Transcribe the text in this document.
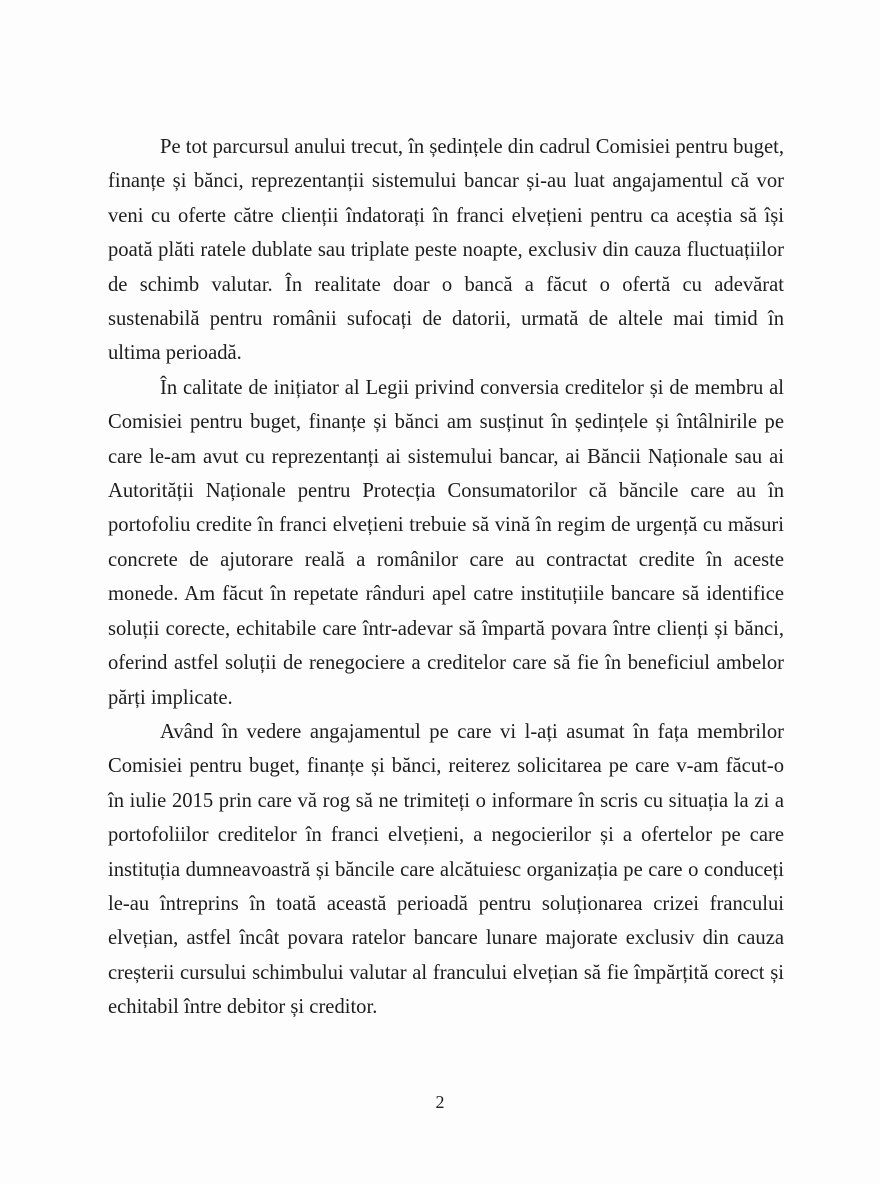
Pe tot parcursul anului trecut, în ședințele din cadrul Comisiei pentru buget, finanțe și bănci, reprezentanții sistemului bancar și-au luat angajamentul că vor veni cu oferte către clienții îndatorați în franci elvețieni pentru ca aceștia să își poată plăti ratele dublate sau triplate peste noapte, exclusiv din cauza fluctuațiilor de schimb valutar. În realitate doar o bancă a făcut o ofertă cu adevărat sustenabilă pentru românii sufocați de datorii, urmată de altele mai timid în ultima perioadă.

În calitate de inițiator al Legii privind conversia creditelor și de membru al Comisiei pentru buget, finanțe și bănci am susținut în ședințele și întâlnirile pe care le-am avut cu reprezentanți ai sistemului bancar, ai Băncii Naționale sau ai Autorității Naționale pentru Protecția Consumatorilor că băncile care au în portofoliu credite în franci elvețieni trebuie să vină în regim de urgență cu măsuri concrete de ajutorare reală a românilor care au contractat credite în aceste monede. Am făcut în repetate rânduri apel catre instituțiile bancare să identifice soluții corecte, echitabile care într-adevar să împartă povara între clienți și bănci, oferind astfel soluții de renegociere a creditelor care să fie în beneficiul ambelor părți implicate.

Având în vedere angajamentul pe care vi l-ați asumat în fața membrilor Comisiei pentru buget, finanțe și bănci, reiterez solicitarea pe care v-am făcut-o în iulie 2015 prin care vă rog să ne trimiteți o informare în scris cu situația la zi a portofoliilor creditelor în franci elvețieni, a negocierilor și a ofertelor pe care instituția dumneavoastră și băncile care alcătuiesc organizația pe care o conduceți le-au întreprins în toată această perioadă pentru soluționarea crizei francului elvețian, astfel încât povara ratelor bancare lunare majorate exclusiv din cauza creșterii cursului schimbului valutar al francului elvețian să fie împărțită corect și echitabil între debitor și creditor.

2
